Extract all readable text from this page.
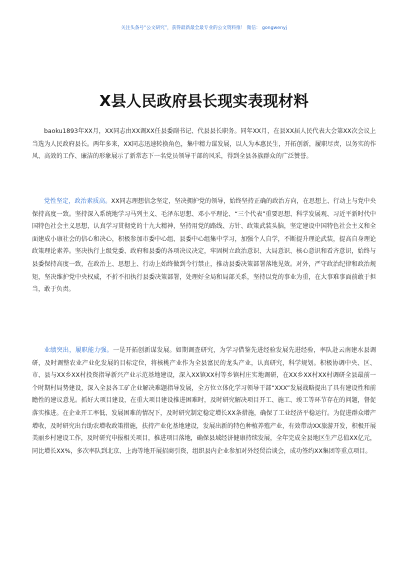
关注头条号“公文研究”，获得最新最全最专业的公文资料推！ 微信： gongwenyj
X县人民政府县长现实表现材料

baoku1893年XX月，XX同志由XX调XX任县委副书记、代县县长职务。同年XX月，在县XX届人民代表大会第XX次会议上当选为人民政府县长。两年多来，XX同志迅速转换角色，集中精力谋发展，以人为本惠民生，开拓创新，履职尽责，以务实的作风、高效的工作、廉洁的形象展示了新常态下一名党员领导干部的风采，得到全县各族群众的广泛赞誉。

党性坚定，政治素质高。XX同志理想信念坚定，坚决拥护党的领导，始终坚持正确的政治方向，在思想上、行动上与党中央保持高度一致。坚持深入系统地学习马列主义、毛泽东思想、邓小平理论、“三个代表”重要思想、科学发展观、习近平新时代中国特色社会主义思想，认真学习贯彻党的十九大精神，坚持用党的路线、方针、政策武装头脑，坚定建设中国特色社会主义和全面建成小康社会的信心和决心，积极参加市委中心组、县委中心组集中学习，加强个人自学，不断提升理论武装，提高自身理论政策理论素养。坚决执行上级党委、政府和县委的各项决议决定，牢固树立政治意识、大局意识、核心意识和看齐意识，始终与县委保持高度一致，在政治上、思想上、行动上始终做到令行禁止，推动县委决策部署落地见效。对外，严守政治纪律和政治规矩，坚决维护党中央权威，不折不扣执行县委决策部署，处理好全局和局部关系，坚持以党的事业为重，在大事难事面前敢于担当，敢于负责。

业绩突出，履职能力强。一是开拓创新谋发展。如期调查研究，为学习借鉴先进经验发展先进经验，率队赴云南建水县调研，及时调整农业产业化发展的目标定位，将核桃产业作为全县富民的龙头产业，认真研究，科学规划。积极协调中央、区、市、县与XX乡XX村投资指导新兴产业示范基地建设，深入XX镇XX村等乡镇村庄实地调研，在XX乡XX村XX村调研全县最前一个时期村局势建设，深入全县各工矿企业解决难题指导发展，全方位立体化学习领导干部“XXX”发展战略提出了具有建设性和前瞻性的建议意见。抓好大项目建设，在重大项目建设推进困难时，及时研究解决项目开工、施工、竣工等环节存在的问题，督促落实推进。在企业开工率低、发展困难的情况下，及时研究制定稳定增长XX条措施，确保了工业经济平稳运行。为促进群众增产增收，及时研究出台助农增收政策措施，扶持产业化基地建设，发展出新的特色种植养殖产业，有效带动XX旅游开发，积极开展美丽乡村建设工作，及时研究申报相关项目，推进项目落地，确保县域经济健康持续发展，全年完成全县地区生产总值XX亿元，同比增长XX%，多次率队到北京、上海等地开展招商引资，组织县内企业参加对外经贸洽谈会，成功签约XX集团等重点项目。
